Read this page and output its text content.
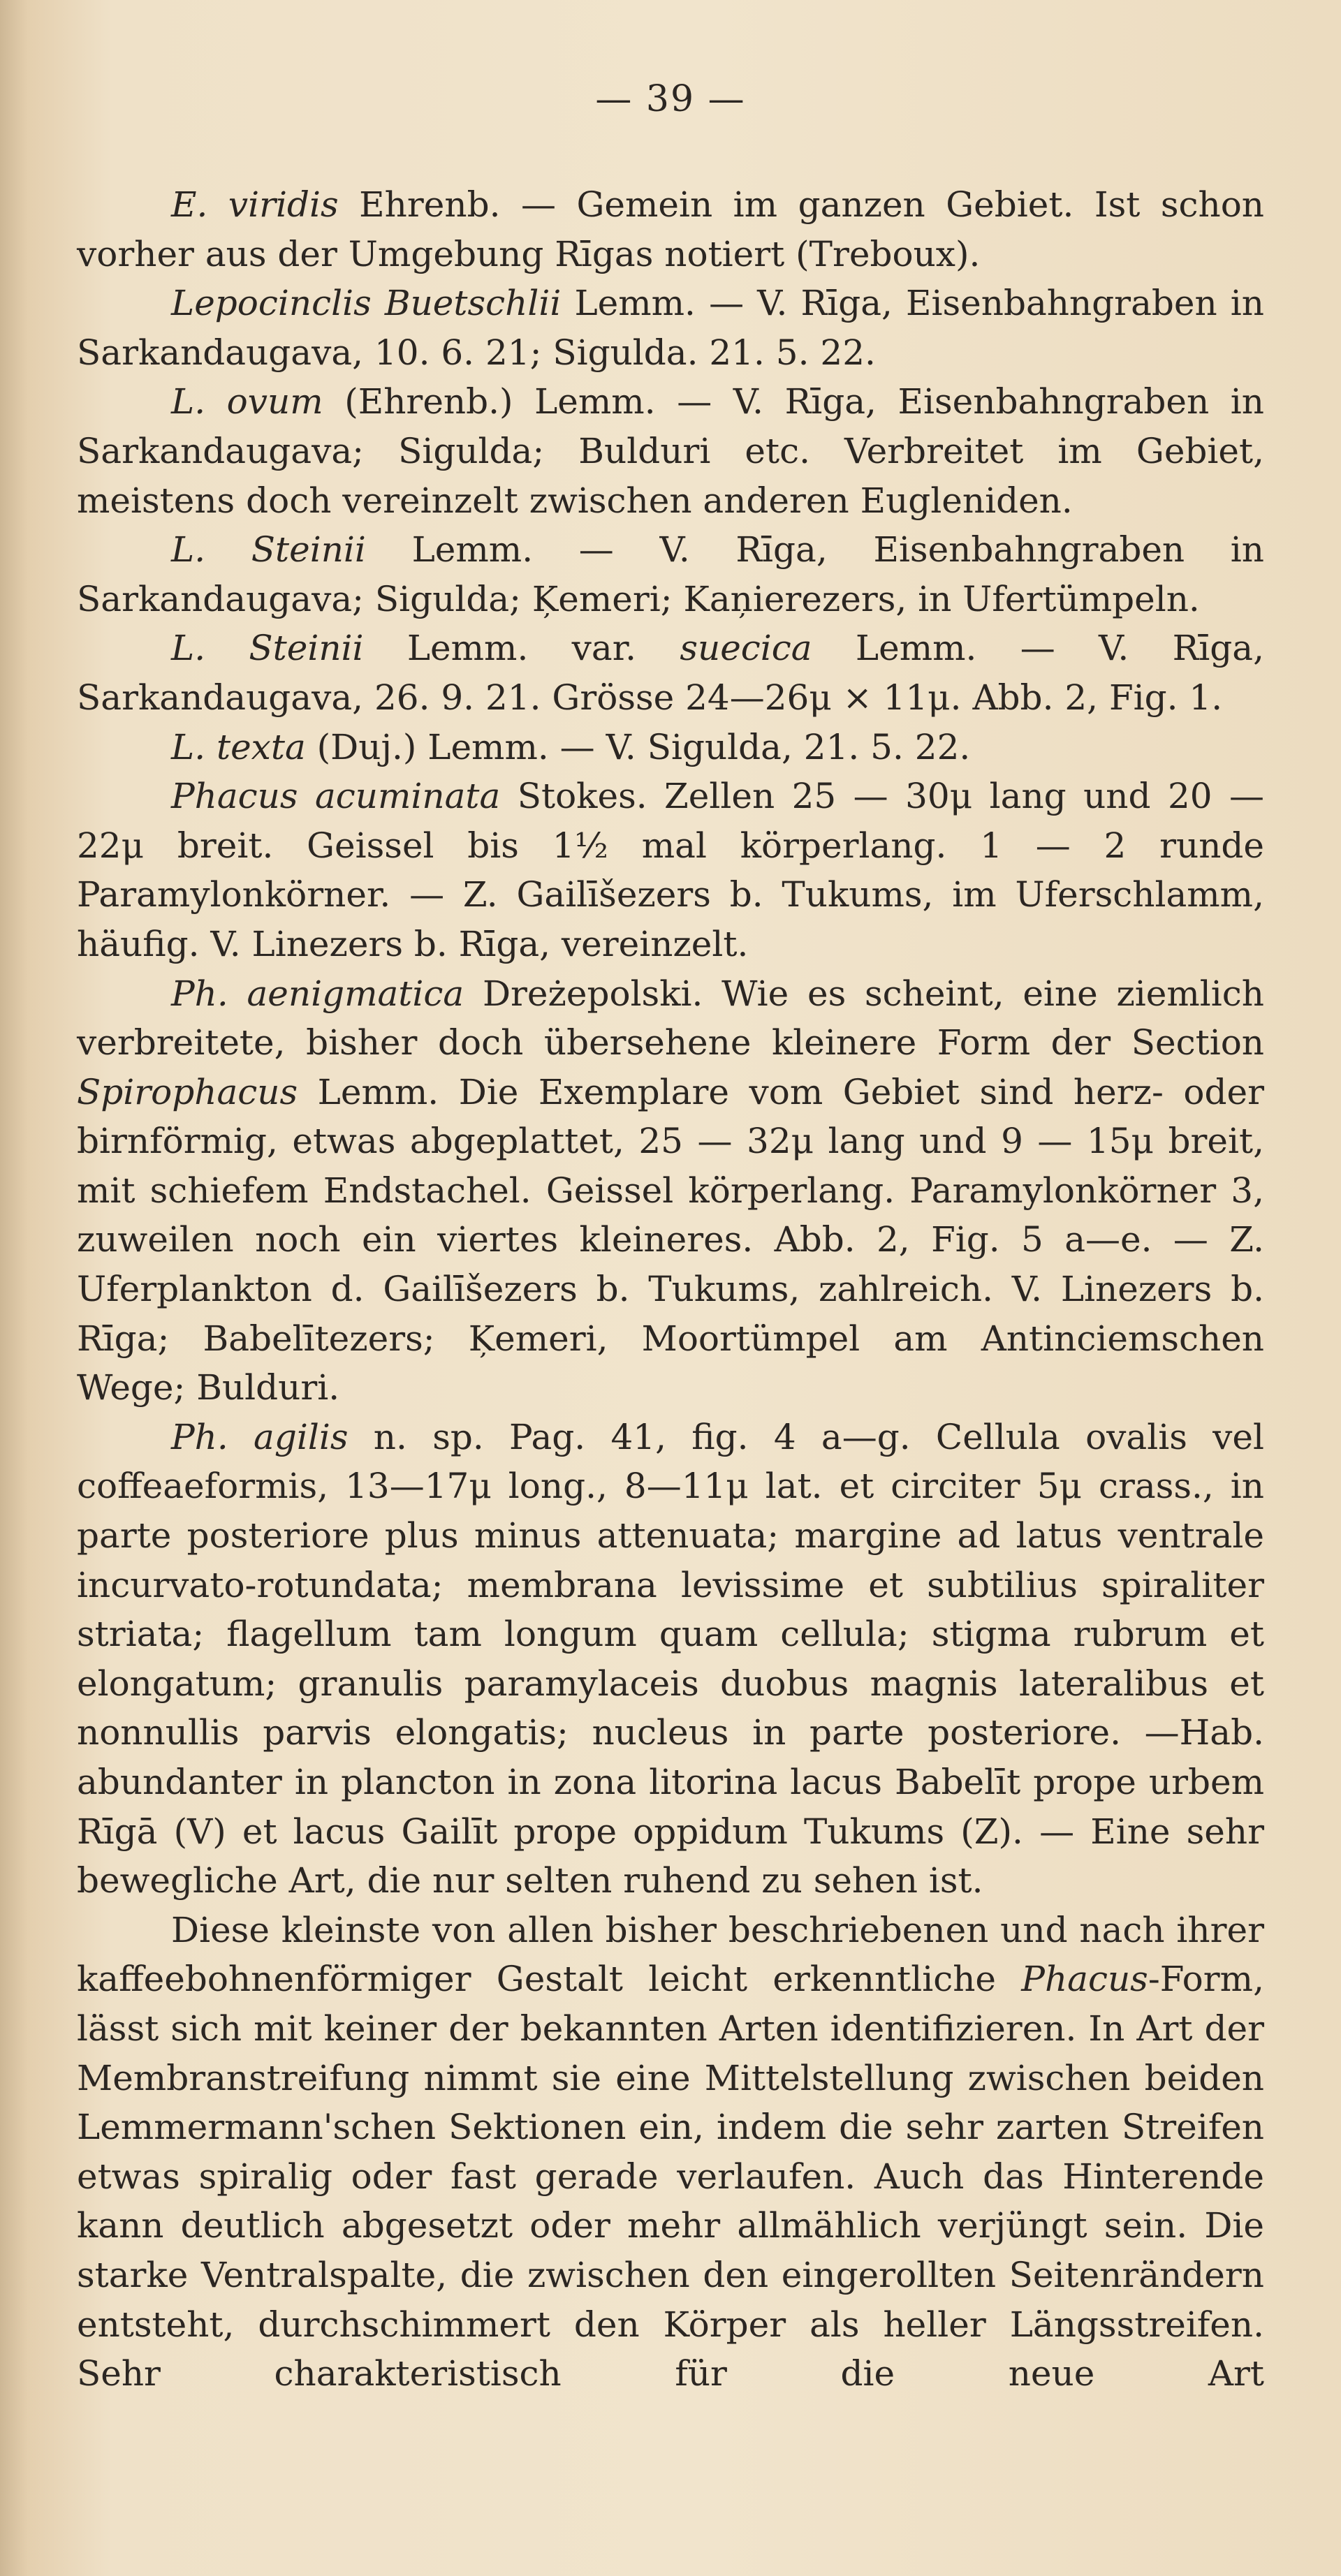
— 39 —

E. viridis Ehrenb. — Gemein im ganzen Gebiet. Ist schon vorher aus der Umgebung Rīgas notiert (Treboux).

Lepocinclis Buetschlii Lemm. — V. Rīga, Eisenbahngraben in Sarkandaugava, 10. 6. 21; Sigulda. 21. 5. 22.

L. ovum (Ehrenb.) Lemm. — V. Rīga, Eisenbahngraben in Sarkandaugava; Sigulda; Bulduri etc. Verbreitet im Gebiet, meistens doch vereinzelt zwischen anderen Eugleniden.

L. Steinii Lemm. — V. Rīga, Eisenbahngraben in Sarkandaugava; Sigulda; Ķemeri; Kaņierezers, in Ufertümpeln.

L. Steinii Lemm. var. suecica Lemm. — V. Rīga, Sarkandaugava, 26. 9. 21. Grösse 24—26μ × 11μ. Abb. 2, Fig. 1.

L. texta (Duj.) Lemm. — V. Sigulda, 21. 5. 22.

Phacus acuminata Stokes. Zellen 25 — 30μ lang und 20 — 22μ breit. Geissel bis 1½ mal körperlang. 1 — 2 runde Paramylonkörner. — Z. Gailīšezers b. Tukums, im Uferschlamm, häufig. V. Linezers b. Rīga, vereinzelt.

Ph. aenigmatica Dreżepolski. Wie es scheint, eine ziemlich verbreitete, bisher doch übersehene kleinere Form der Section Spirophacus Lemm. Die Exemplare vom Gebiet sind herz- oder birnförmig, etwas abgeplattet, 25 — 32μ lang und 9 — 15μ breit, mit schiefem Endstachel. Geissel körperlang. Paramylonkörner 3, zuweilen noch ein viertes kleineres. Abb. 2, Fig. 5 a—e. — Z. Uferplankton d. Gailīšezers b. Tukums, zahlreich. V. Linezers b. Rīga; Babelītezers; Ķemeri, Moortümpel am Antinciemschen Wege; Bulduri.

Ph. agilis n. sp. Pag. 41, fig. 4 a—g. Cellula ovalis vel coffeaeformis, 13—17μ long., 8—11μ lat. et circiter 5μ crass., in parte posteriore plus minus attenuata; margine ad latus ventrale incurvato-rotundata; membrana levissime et subtilius spiraliter striata; flagellum tam longum quam cellula; stigma rubrum et elongatum; granulis paramylaceis duobus magnis lateralibus et nonnullis parvis elongatis; nucleus in parte posteriore. —Hab. abundanter in plancton in zona litorina lacus Babelīt prope urbem Rīgā (V) et lacus Gailīt prope oppidum Tukums (Z). — Eine sehr bewegliche Art, die nur selten ruhend zu sehen ist.

Diese kleinste von allen bisher beschriebenen und nach ihrer kaffeebohnenförmiger Gestalt leicht erkenntliche Phacus-Form, lässt sich mit keiner der bekannten Arten identifizieren. In Art der Membranstreifung nimmt sie eine Mittelstellung zwischen beiden Lemmermann'schen Sektionen ein, indem die sehr zarten Streifen etwas spiralig oder fast gerade verlaufen. Auch das Hinterende kann deutlich abgesetzt oder mehr allmählich verjüngt sein. Die starke Ventralspalte, die zwischen den eingerollten Seitenrändern entsteht, durchschimmert den Körper als heller Längsstreifen. Sehr charakteristisch für die neue Art
